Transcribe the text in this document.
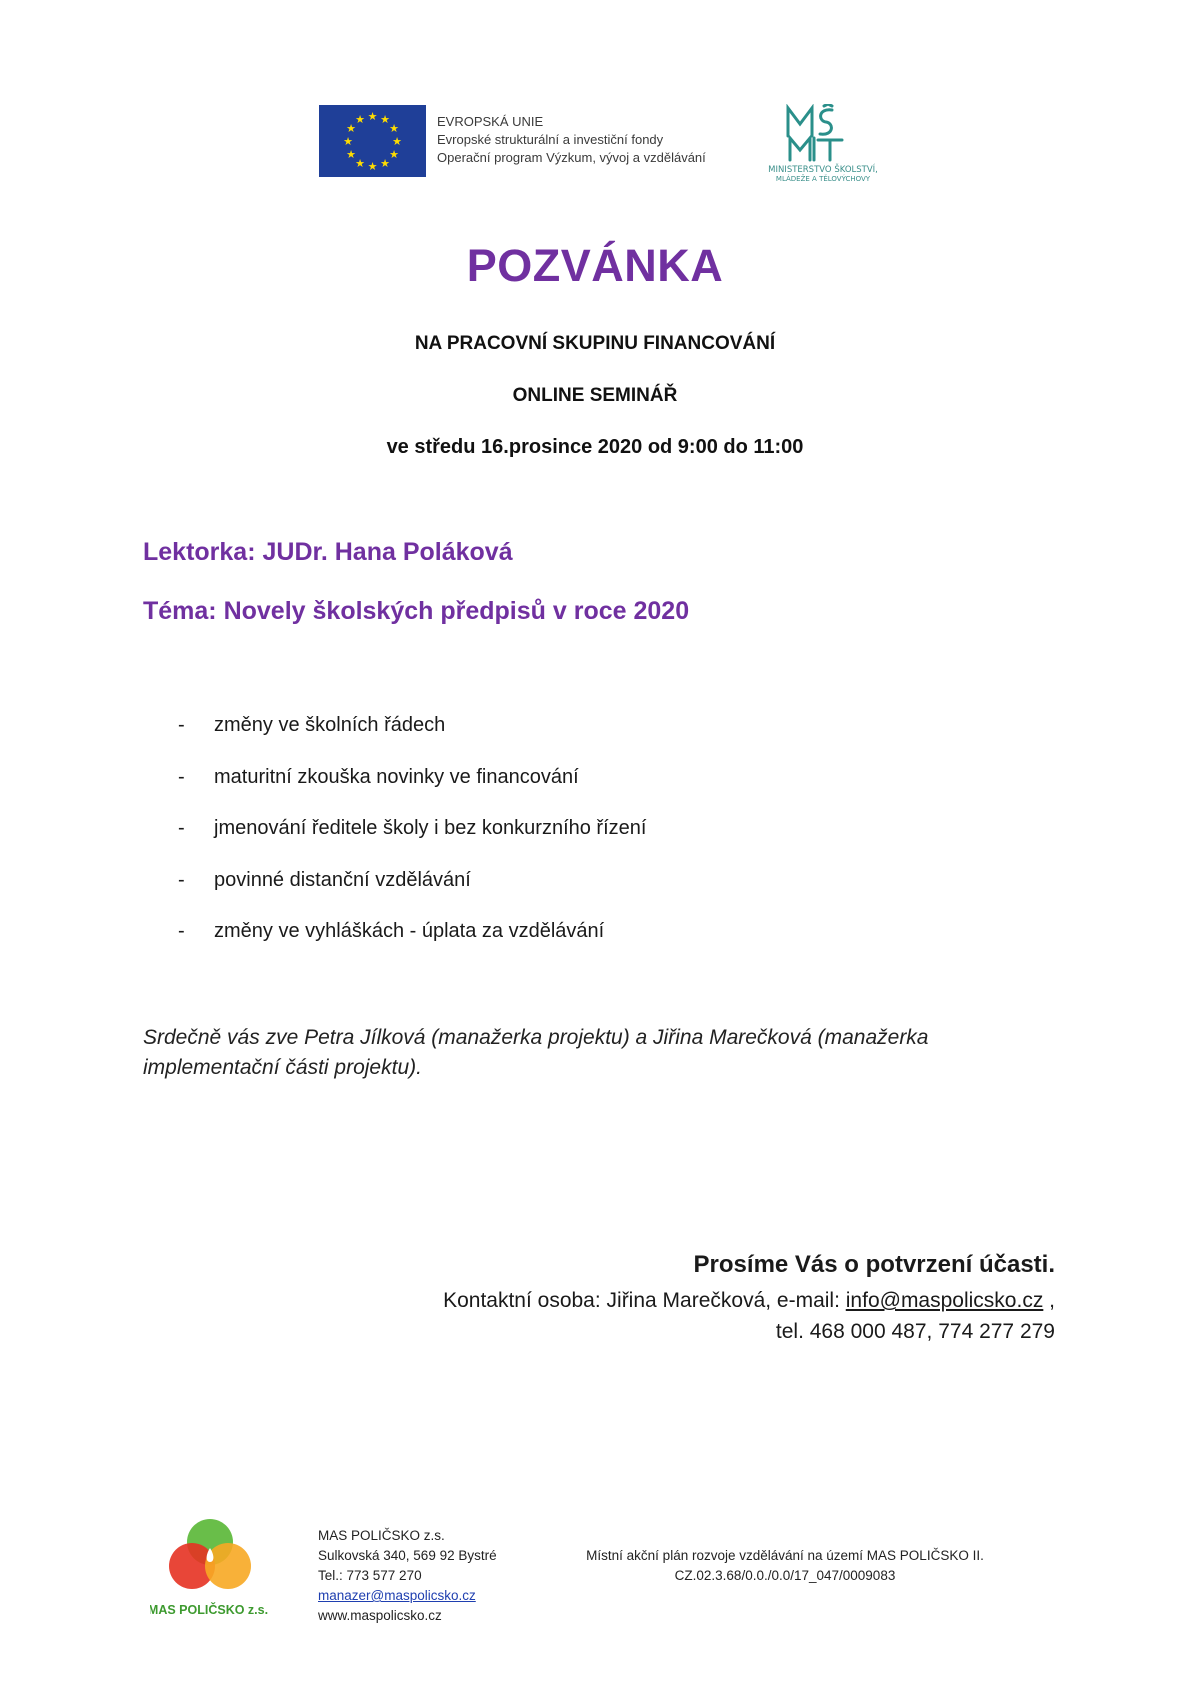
★ ★
★
★
★
★
★
★
★
★
★
★	EVROPSKÁ UNIE
Evropské strukturální a investiční fondy
Operační program Výzkum, vývoj a vzdělávání
MINISTERSTVO ŠKOLSTVÍ,
MLÁDEŽE A TĚLOVÝCHOVY
POZVÁNKA
NA PRACOVNÍ SKUPINU FINANCOVÁNÍ
ONLINE SEMINÁŘ
ve středu 16.prosince 2020 od 9:00 do 11:00
Lektorka: JUDr. Hana Poláková
Téma: Novely školských předpisů v roce 2020
- změny ve školních řádech
- maturitní zkouška novinky ve financování
- jmenování ředitele školy i bez konkurzního řízení
- povinné distanční vzdělávání
- změny ve vyhláškách - úplata za vzdělávání
Srdečně vás zve Petra Jílková (manažerka projektu) a Jiřina Marečková (manažerka implementační části projektu).
Prosíme Vás o potvrzení účasti.
Kontaktní osoba: Jiřina Marečková, e-mail: info@maspolicsko.cz ,
tel. 468 000 487, 774 277 279
MAS POLIČSKO z.s.
MAS POLIČSKO z.s.
Sulkovská 340, 569 92 Bystré
Tel.: 773 577 270
manazer@maspolicsko.cz
www.maspolicsko.cz
Místní akční plán rozvoje vzdělávání na území MAS POLIČSKO II.
CZ.02.3.68/0.0./0.0/17_047/0009083
